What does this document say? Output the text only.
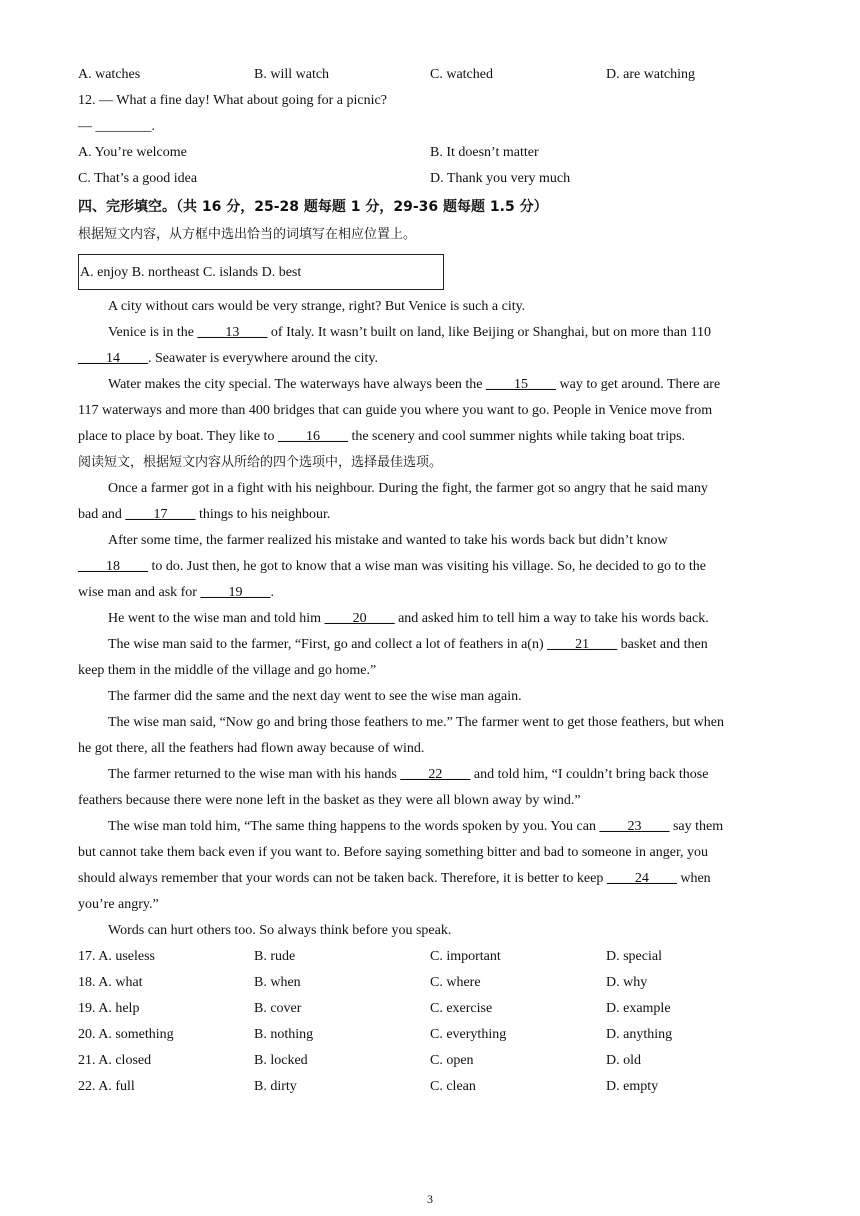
A. watches	B. will watch	C. watched	D. are watching
12. — What a fine day! What about going for a picnic?
— ________.
A. You’re welcome	B. It doesn’t matter
C. That’s a good idea	D. Thank you very much
四、完形填空。（共 16 分，25-28 题每题 1 分，29-36 题每题 1.5 分）
根据短文内容，从方框中选出恰当的词填写在相应位置上。
A. enjoy B. northeast C. islands D. best

A city without cars would be very strange, right? But Venice is such a city.

Venice is in the ____13____ of Italy. It wasn’t built on land, like Beijing or Shanghai, but on more than 110

____14____. Seawater is everywhere around the city.

Water makes the city special. The waterways have always been the ____15____ way to get around. There are

117 waterways and more than 400 bridges that can guide you where you want to go. People in Venice move from
place to place by boat. They like to ____16____ the scenery and cool summer nights while taking boat trips.
阅读短文，根据短文内容从所给的四个选项中，选择最佳选项。

Once a farmer got in a fight with his neighbour. During the fight, the farmer got so angry that he said many

bad and ____17____ things to his neighbour.

After some time, the farmer realized his mistake and wanted to take his words back but didn’t know

____18____ to do. Just then, he got to know that a wise man was visiting his village. So, he decided to go to the
wise man and ask for ____19____.

He went to the wise man and told him ____20____ and asked him to tell him a way to take his words back.

The wise man said to the farmer, “First, go and collect a lot of feathers in a(n) ____21____ basket and then

keep them in the middle of the village and go home.”

The farmer did the same and the next day went to see the wise man again.

The wise man said, “Now go and bring those feathers to me.” The farmer went to get those feathers, but when

he got there, all the feathers had flown away because of wind.

The farmer returned to the wise man with his hands ____22____ and told him, “I couldn’t bring back those

feathers because there were none left in the basket as they were all blown away by wind.”

The wise man told him, “The same thing happens to the words spoken by you. You can ____23____ say them

but cannot take them back even if you want to. Before saying something bitter and bad to someone in anger, you
should always remember that your words can not be taken back. Therefore, it is better to keep ____24____ when
you’re angry.”

Words can hurt others too. So always think before you speak.

17. A. useless	B. rude	C. important	D. special
18. A. what	B. when	C. where	D. why
19. A. help	B. cover	C. exercise	D. example
20. A. something	B. nothing	C. everything	D. anything
21. A. closed	B. locked	C. open	D. old
22. A. full	B. dirty	C. clean	D. empty
3
